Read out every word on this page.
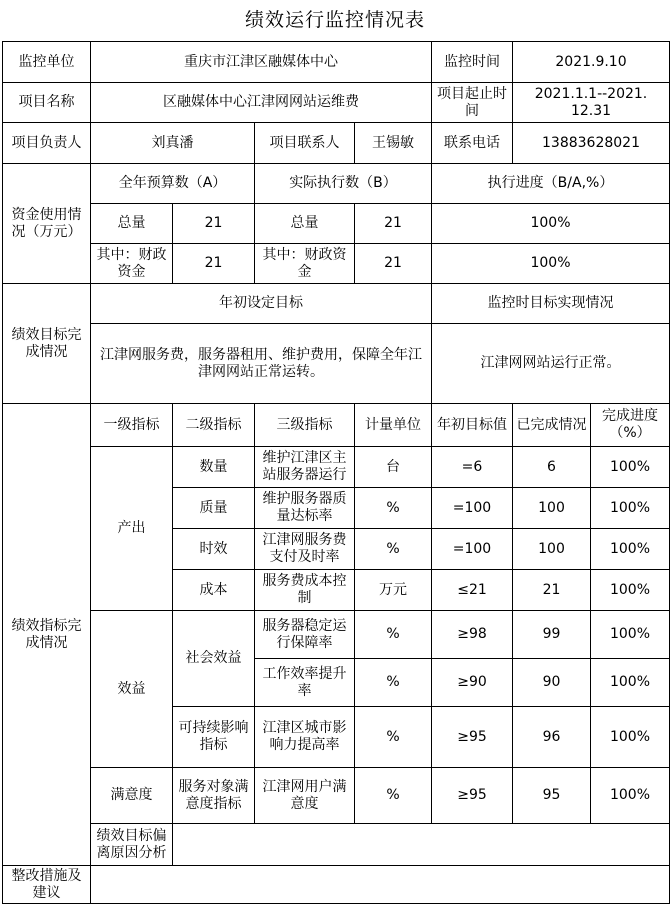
绩效运行监控情况表
监控单位	重庆市江津区融媒体中心				监控时间	2021.9.10	
项目名称	区融媒体中心江津网网站运维费				项目起止时间	2021.1.1--2021.12.31	
项目负责人	刘真潘		项目联系人	王锡敏	联系电话	13883628021	
资金使用情况（万元）	全年预算数（A）		实际执行数（B）		执行进度（B/A,%）		
	总量	21	总量	21	100%		
	其中：财政资金	21	其中：财政资金	21	100%		
绩效目标完成情况	年初设定目标				监控时目标实现情况		
	江津网服务费，服务器租用、维护费用，保障全年江津网网站正常运转。				江津网网站运行正常。		
绩效指标完成情况	一级指标	二级指标	三级指标	计量单位	年初目标值	已完成情况	完成进度（%）
	产出	数量	维护江津区主站服务器运行	台	=6	6	100%
		质量	维护服务器质量达标率	%	=100	100	100%
		时效	江津网服务费支付及时率	%	=100	100	100%
		成本	服务费成本控制	万元	≤21	21	100%
	效益	社会效益	服务器稳定运行保障率	%	≥98	99	100%
			工作效率提升率	%	≥90	90	100%
		可持续影响指标	江津区城市影响力提高率	%	≥95	96	100%
	满意度	服务对象满意度指标	江津网用户满意度	%	≥95	95	100%
	绩效目标偏离原因分析						
整改措施及建议							
